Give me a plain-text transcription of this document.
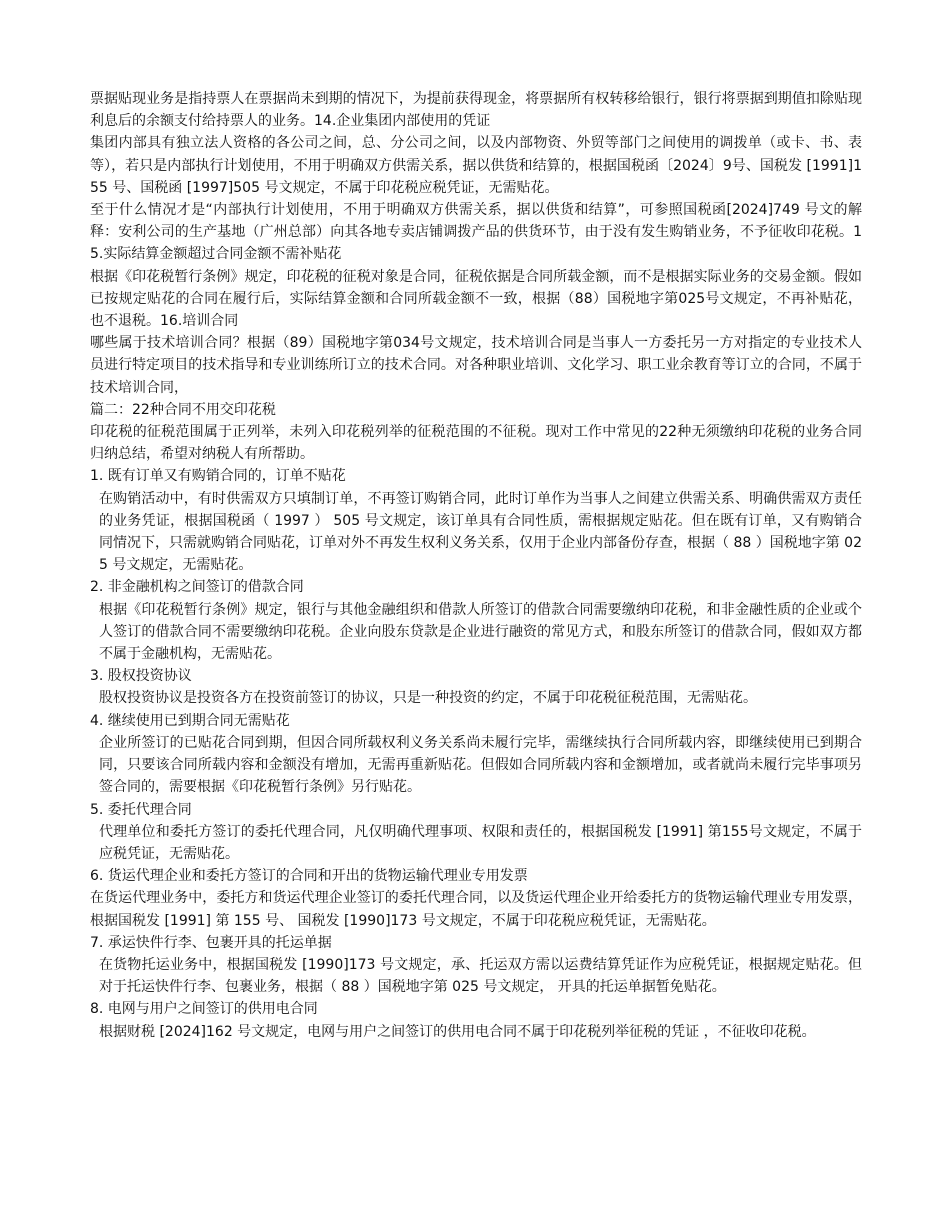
票据贴现业务是指持票人在票据尚未到期的情况下，为提前获得现金，将票据所有权转移给银行，银行将票据到期值扣除贴现利息后的余额支付给持票人的业务。14.企业集团内部使用的凭证

集团内部具有独立法人资格的各公司之间，总、分公司之间，以及内部物资、外贸等部门之间使用的调拨单（或卡、书、表等），若只是内部执行计划使用，不用于明确双方供需关系，据以供货和结算的，根据国税函〔2024〕9号、国税发 [1991]155 号、国税函 [1997]505 号文规定，不属于印花税应税凭证，无需贴花。

至于什么情况才是“内部执行计划使用，不用于明确双方供需关系，据以供货和结算”，可参照国税函[2024]749 号文的解释：安利公司的生产基地（广州总部）向其各地专卖店铺调拨产品的供货环节，由于没有发生购销业务，不予征收印花税。15.实际结算金额超过合同金额不需补贴花

根据《印花税暂行条例》规定，印花税的征税对象是合同，征税依据是合同所载金额，而不是根据实际业务的交易金额。假如已按规定贴花的合同在履行后，实际结算金额和合同所载金额不一致，根据（88）国税地字第025号文规定，不再补贴花，也不退税。16.培训合同

哪些属于技术培训合同？根据（89）国税地字第034号文规定，技术培训合同是当事人一方委托另一方对指定的专业技术人员进行特定项目的技术指导和专业训练所订立的技术合同。对各种职业培训、文化学习、职工业余教育等订立的合同，不属于技术培训合同，

篇二：22种合同不用交印花税

印花税的征税范围属于正列举，未列入印花税列举的征税范围的不征税。现对工作中常见的22种无须缴纳印花税的业务合同归纳总结，希望对纳税人有所帮助。

1. 既有订单又有购销合同的，订单不贴花

在购销活动中，有时供需双方只填制订单，不再签订购销合同，此时订单作为当事人之间建立供需关系、明确供需双方责任的业务凭证，根据国税函（ 1997 ） 505 号文规定，该订单具有合同性质，需根据规定贴花。但在既有订单，又有购销合同情况下，只需就购销合同贴花，订单对外不再发生权利义务关系，仅用于企业内部备份存查，根据（ 88 ）国税地字第 025 号文规定，无需贴花。

2. 非金融机构之间签订的借款合同

根据《印花税暂行条例》规定，银行与其他金融组织和借款人所签订的借款合同需要缴纳印花税，和非金融性质的企业或个人签订的借款合同不需要缴纳印花税。企业向股东贷款是企业进行融资的常见方式，和股东所签订的借款合同，假如双方都不属于金融机构，无需贴花。

3. 股权投资协议

股权投资协议是投资各方在投资前签订的协议，只是一种投资的约定，不属于印花税征税范围，无需贴花。

4. 继续使用已到期合同无需贴花

企业所签订的已贴花合同到期，但因合同所载权利义务关系尚未履行完毕，需继续执行合同所载内容，即继续使用已到期合同，只要该合同所载内容和金额没有增加，无需再重新贴花。但假如合同所载内容和金额增加，或者就尚未履行完毕事项另签合同的，需要根据《印花税暂行条例》另行贴花。

5. 委托代理合同

代理单位和委托方签订的委托代理合同，凡仅明确代理事项、权限和责任的，根据国税发 [1991] 第155号文规定，不属于应税凭证，无需贴花。

6. 货运代理企业和委托方签订的合同和开出的货物运输代理业专用发票

在货运代理业务中，委托方和货运代理企业签订的委托代理合同，以及货运代理企业开给委托方的货物运输代理业专用发票，根据国税发 [1991] 第 155 号、 国税发 [1990]173 号文规定，不属于印花税应税凭证，无需贴花。

7. 承运快件行李、包裹开具的托运单据

在货物托运业务中，根据国税发 [1990]173 号文规定，承、托运双方需以运费结算凭证作为应税凭证，根据规定贴花。但对于托运快件行李、包裹业务，根据（ 88 ）国税地字第 025 号文规定， 开具的托运单据暂免贴花。

8. 电网与用户之间签订的供用电合同

根据财税 [2024]162 号文规定，电网与用户之间签订的供用电合同不属于印花税列举征税的凭证 ，不征收印花税。
